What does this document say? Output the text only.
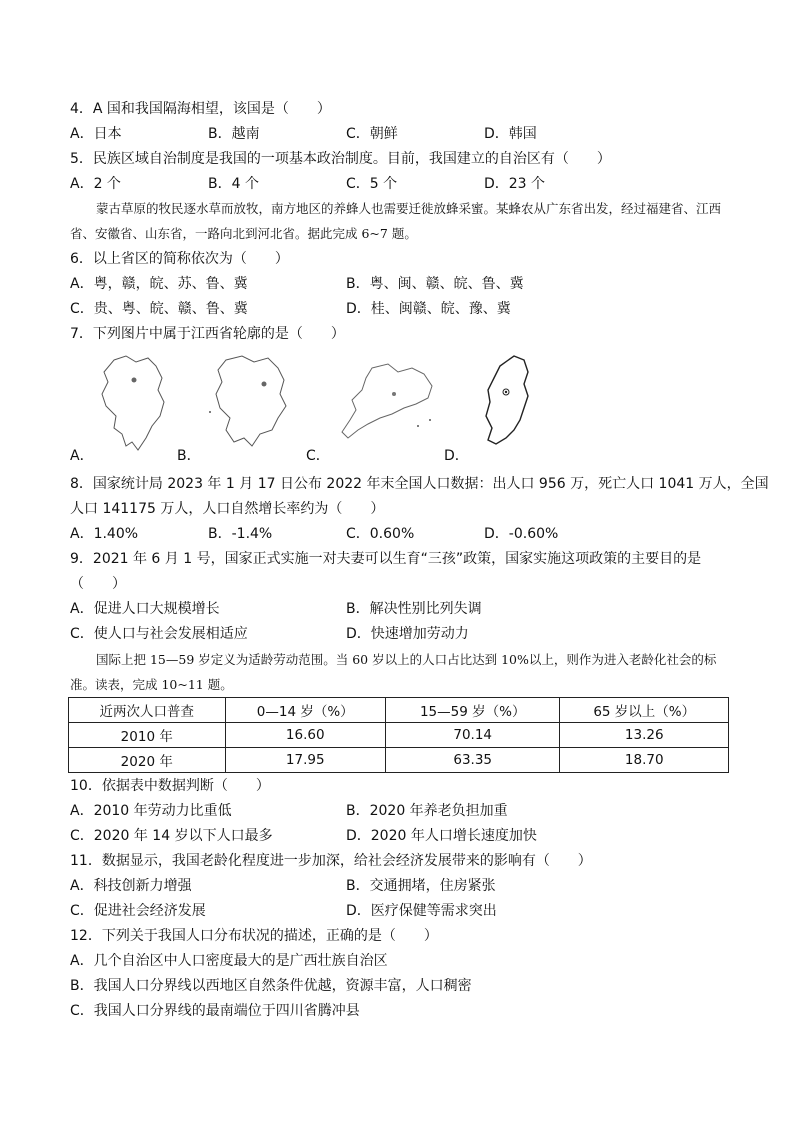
4．A 国和我国隔海相望，该国是（　　）
A．日本	B．越南	C．朝鲜	D．韩国
5．民族区域自治制度是我国的一项基本政治制度。目前，我国建立的自治区有（　　）
A．2 个	B．4 个	C．5 个	D．23 个
蒙古草原的牧民逐水草而放牧，南方地区的养蜂人也需要迁徙放蜂采蜜。某蜂农从广东省出发，经过福建省、江西省、安徽省、山东省，一路向北到河北省。据此完成 6~7 题。
6．以上省区的简称依次为（　　）
A．粤，赣，皖、苏、鲁、冀	B．粤、闽、赣、皖、鲁、冀
C．贵、粤、皖、赣、鲁、冀	D．桂、闽赣、皖、豫、冀
7．下列图片中属于江西省轮廓的是（　　）
A．	B．	C．	D．
8．国家统计局 2023 年 1 月 17 日公布 2022 年末全国人口数据：出人口 956 万，死亡人口 1041 万人，全国
人口 141175 万人，人口自然增长率约为（　　）
A．1.40%	B．-1.4%	C．0.60%	D．-0.60%
9．2021 年 6 月 1 号，国家正式实施一对夫妻可以生育“三孩”政策，国家实施这项政策的主要目的是
（　　）
A．促进人口大规模增长	B．解决性别比列失调
C．使人口与社会发展相适应	D．快速增加劳动力
国际上把 15—59 岁定义为适龄劳动范围。当 60 岁以上的人口占比达到 10%以上，则作为进入老龄化社会的标准。读表，完成 10~11 题。
近两次人口普查	0—14 岁（%）	15—59 岁（%）	65 岁以上（%）
2010 年	16.60	70.14	13.26
2020 年	17.95	63.35	18.70
10．依据表中数据判断（　　）
A．2010 年劳动力比重低	B．2020 年养老负担加重
C．2020 年 14 岁以下人口最多	D．2020 年人口增长速度加快
11．数据显示，我国老龄化程度进一步加深，给社会经济发展带来的影响有（　　）
A．科技创新力增强	B．交通拥堵，住房紧张
C．促进社会经济发展	D．医疗保健等需求突出
12．下列关于我国人口分布状况的描述，正确的是（　　）
A．几个自治区中人口密度最大的是广西壮族自治区
B．我国人口分界线以西地区自然条件优越，资源丰富，人口稠密
C．我国人口分界线的最南端位于四川省腾冲县
